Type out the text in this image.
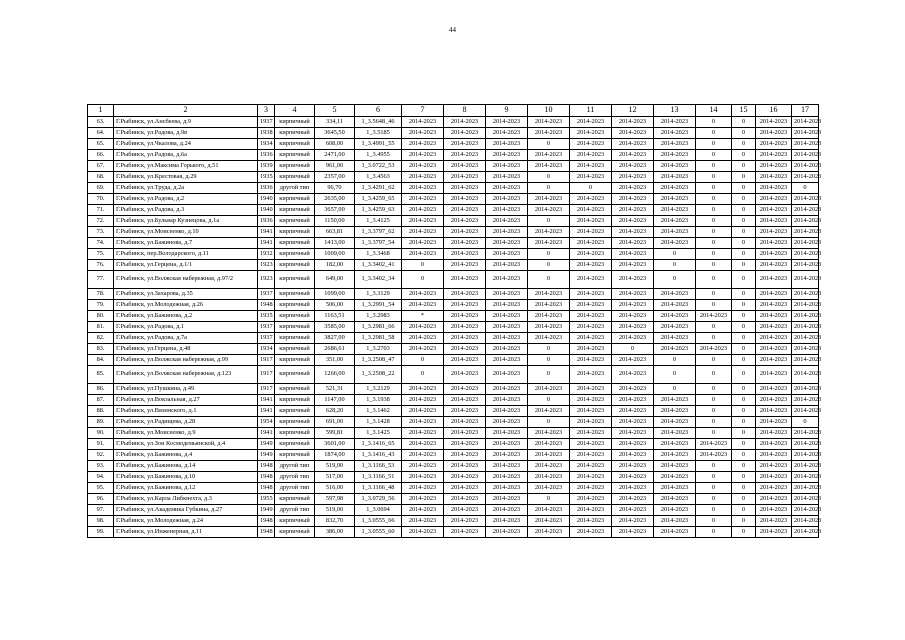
44
1	2	3	4	5	6	7	8	9	10	11	12	13	14	15	16	17
63.	Г.Рыбинск, ул.Ансбеева, д.9	1937	кирпичный	334,11	1_3.5648_46	2014-2023	2014-2023	2014-2023	2014-2023	2014-2023	2014-2023	2014-2023	0	0	2014-2023	2014-2023
64.	Г.Рыбинск, ул.Радова, д.9в	1938	кирпичный	3645,50	1_3.5185	2014-2023	2014-2023	2014-2023	2014-2023	2014-2023	2014-2023	2014-2023	0	0	2014-2023	2014-2023
65.	Г.Рыбинск, ул.Чкалова, д.24	1934	кирпичный	608,00	1_3.4991_55	2014-2023	2014-2023	2014-2023	0	2014-2023	2014-2023	2014-2023	0	0	2014-2023	2014-2023
66.	Г.Рыбинск, ул.Радова, д.6а	1936	кирпичный	2471,00	1_3.4955	2014-2023	2014-2023	2014-2023	2014-2023	2014-2023	2014-2023	2014-2023	0	0	2014-2023	2014-2023
67.	Г.Рыбинск, ул.Максима Горького, д.51	1939	кирпичный	961,00	1_3.0722_53	2014-2023	2014-2023	2014-2023	2014-2023	2014-2023	2014-2023	2014-2023	0	0	2014-2023	2014-2023
68.	Г.Рыбинск, ул.Крестовая, д.29	1935	кирпичный	2357,00	1_3.4563	2014-2023	2014-2023	2014-2023	0	2014-2023	2014-2023	2014-2023	0	0	2014-2023	2014-2023
69.	Г.Рыбинск, ул.Труда, д.2а	1936	другой тип	96,70	1_3.4291_62	2014-2023	2014-2023	2014-2023	0	0	2014-2023	2014-2023	0	0	2014-2023	0
70.	Г.Рыбинск, ул.Радова, д.2	1940	кирпичный	2635,00	1_3.4259_65	2014-2023	2014-2023	2014-2023	2014-2023	2014-2023	2014-2023	2014-2023	0	0	2014-2023	2014-2023
71.	Г.Рыбинск, ул.Радова, д.3	1940	кирпичный	3657,00	1_3.4259_63	2014-2023	2014-2023	2014-2023	2014-2023	2014-2023	2014-2023	2014-2023	0	0	2014-2023	2014-2023
72.	Г.Рыбинск, ул.Бульвар Кузнецова, д.1а	1936	кирпичный	1150,00	1_3.4125	2014-2023	2014-2023	2014-2023	0	2014-2023	2014-2023	2014-2023	0	0	2014-2023	2014-2023
73.	Г.Рыбинск, ул.Моисеенко, д.10	1941	кирпичный	663,81	1_3.3797_62	2014-2023	2014-2023	2014-2023	2014-2023	2014-2023	2014-2023	2014-2023	0	0	2014-2023	2014-2023
74.	Г.Рыбинск, ул.Бажинова, д.7	1941	кирпичный	1413,00	1_3.3797_54	2014-2023	2014-2023	2014-2023	2014-2023	2014-2023	2014-2023	2014-2023	0	0	2014-2023	2014-2023
75.	Г.Рыбинск, пер.Володарского, д.11	1932	кирпичный	1009,00	1_3.3468	2014-2023	2014-2023	2014-2023	0	2014-2023	2014-2023	0	0	0	2014-2023	2014-2023
76.	Г.Рыбинск, ул.Герцена, д.1/1	1923	кирпичный	182,00	1_3.3402_41	0	2014-2023	2014-2023	0	2014-2023	2014-2023	0	0	0	2014-2023	2014-2023
77.	Г.Рыбинск, ул.Волжская набережная, д.97/2	1923	кирпичный	649,00	1_3.3402_34	0	2014-2023	2014-2023	0	2014-2023	2014-2023	0	0	0	2014-2023	2014-2023
78.	Г.Рыбинск, ул.Захарова, д.35	1937	кирпичный	1099,00	1_3.3129	2014-2023	2014-2023	2014-2023	2014-2023	2014-2023	2014-2023	2014-2023	0	0	2014-2023	2014-2023
79.	Г.Рыбинск, ул.Молодежная, д.26	1948	кирпичный	506,00	1_3.2991_54	2014-2023	2014-2023	2014-2023	2014-2023	2014-2023	2014-2023	2014-2023	0	0	2014-2023	2014-2023
80.	Г.Рыбинск, ул.Бажинова, д.2	1935	кирпичный	1163,51	1_3.2983	*	2014-2023	2014-2023	2014-2023	2014-2023	2014-2023	2014-2023	2014-2023	0	2014-2023	2014-2023
81.	Г.Рыбинск, ул.Радова, д.1	1937	кирпичный	3585,00	1_3.2981_66	2014-2023	2014-2023	2014-2023	2014-2023	2014-2023	2014-2023	2014-2023	0	0	2014-2023	2014-2023
82.	Г.Рыбинск, ул.Радова, д.7а	1937	кирпичный	3827,00	1_3.2981_58	2014-2023	2014-2023	2014-2023	2014-2023	2014-2023	2014-2023	2014-2023	0	0	2014-2023	2014-2023
83.	Г.Рыбинск, ул.Герцена, д.48	1934	кирпичный	2686,61	1_3.2703	2014-2023	2014-2023	2014-2023	0	2014-2023	0	2014-2023	2014-2023	0	2014-2023	2014-2023
84.	Г.Рыбинск, ул.Волжская набережная, д.99	1917	кирпичный	351,00	1_3.2508_47	0	2014-2023	2014-2023	0	2014-2023	2014-2023	0	0	0	2014-2023	2014-2023
85.	Г.Рыбинск, ул.Волжская набережная, д.123	1917	кирпичный	1266,00	1_3.2508_22	0	2014-2023	2014-2023	0	2014-2023	2014-2023	0	0	0	2014-2023	2014-2023
86.	Г.Рыбинск, ул.Пушкина, д.49	1917	кирпичный	521,31	1_3.2129	2014-2023	2014-2023	2014-2023	2014-2023	2014-2023	2014-2023	0	0	0	2014-2023	2014-2023
87.	Г.Рыбинск, ул.Вокзальная, д.27	1941	кирпичный	1147,00	1_3.1938	2014-2023	2014-2023	2014-2023	0	2014-2023	2014-2023	2014-2023	0	0	2014-2023	2014-2023
88.	Г.Рыбинск, ул.Вяземского, д.1	1941	кирпичный	628,20	1_3.1462	2014-2023	2014-2023	2014-2023	2014-2023	2014-2023	2014-2023	2014-2023	0	0	2014-2023	2014-2023
89.	Г.Рыбинск, ул.Радищева, д.28	1954	кирпичный	691,00	1_3.1428	2014-2023	2014-2023	2014-2023	0	2014-2023	2014-2023	2014-2023	0	0	2014-2023	0
90.	Г.Рыбинск, ул.Моисеенко, д.9	1941	кирпичный	599,81	1_3.1425	2014-2023	2014-2023	2014-2023	2014-2023	2014-2023	2014-2023	2014-2023	0	0	2014-2023	2014-2023
91.	Г.Рыбинск, ул.Зои Космодемьянской, д.4	1949	кирпичный	3601,00	1_3.1416_65	2014-2023	2014-2023	2014-2023	2014-2023	2014-2023	2014-2023	2014-2023	2014-2023	0	2014-2023	2014-2023
92.	Г.Рыбинск, ул.Бажинова, д.4	1949	кирпичный	1874,00	1_3.1416_43	2014-2023	2014-2023	2014-2023	2014-2023	2014-2023	2014-2023	2014-2023	2014-2023	0	2014-2023	2014-2023
93.	Г.Рыбинск, ул.Бажинова, д.14	1948	другой тип	519,00	1_3.1166_53	2014-2023	2014-2023	2014-2023	2014-2023	2014-2023	2014-2023	2014-2023	0	0	2014-2023	2014-2023
94.	Г.Рыбинск, ул.Бажинова, д.10	1948	другой тип	517,00	1_3.1166_51	2014-2023	2014-2023	2014-2023	2014-2023	2014-2023	2014-2023	2014-2023	0	0	2014-2023	2014-2023
95.	Г.Рыбинск, ул.Бажинова, д.12	1948	другой тип	516,00	1_3.1166_48	2014-2023	2014-2023	2014-2023	2014-2023	2014-2023	2014-2023	2014-2023	0	0	2014-2023	2014-2023
96.	Г.Рыбинск, ул.Карла Либкнехта, д.3	1955	кирпичный	597,98	1_3.0729_56	2014-2023	2014-2023	2014-2023	0	2014-2023	2014-2023	2014-2023	0	0	2014-2023	2014-2023
97.	Г.Рыбинск, ул.Академика Губкина, д.27	1949	другой тип	519,00	1_3.0694	2014-2023	2014-2023	2014-2023	2014-2023	2014-2023	2014-2023	2014-2023	0	0	2014-2023	2014-2023
98.	Г.Рыбинск, ул.Молодежная, д.24	1948	кирпичный	832,70	1_3.0555_66	2014-2023	2014-2023	2014-2023	2014-2023	2014-2023	2014-2023	2014-2023	0	0	2014-2023	2014-2023
99.	Г.Рыбинск, ул.Инженерная, д.11	1948	кирпичный	386,00	1_3.0555_60	2014-2023	2014-2023	2014-2023	2014-2023	2014-2023	2014-2023	2014-2023	0	0	2014-2023	2014-2023
